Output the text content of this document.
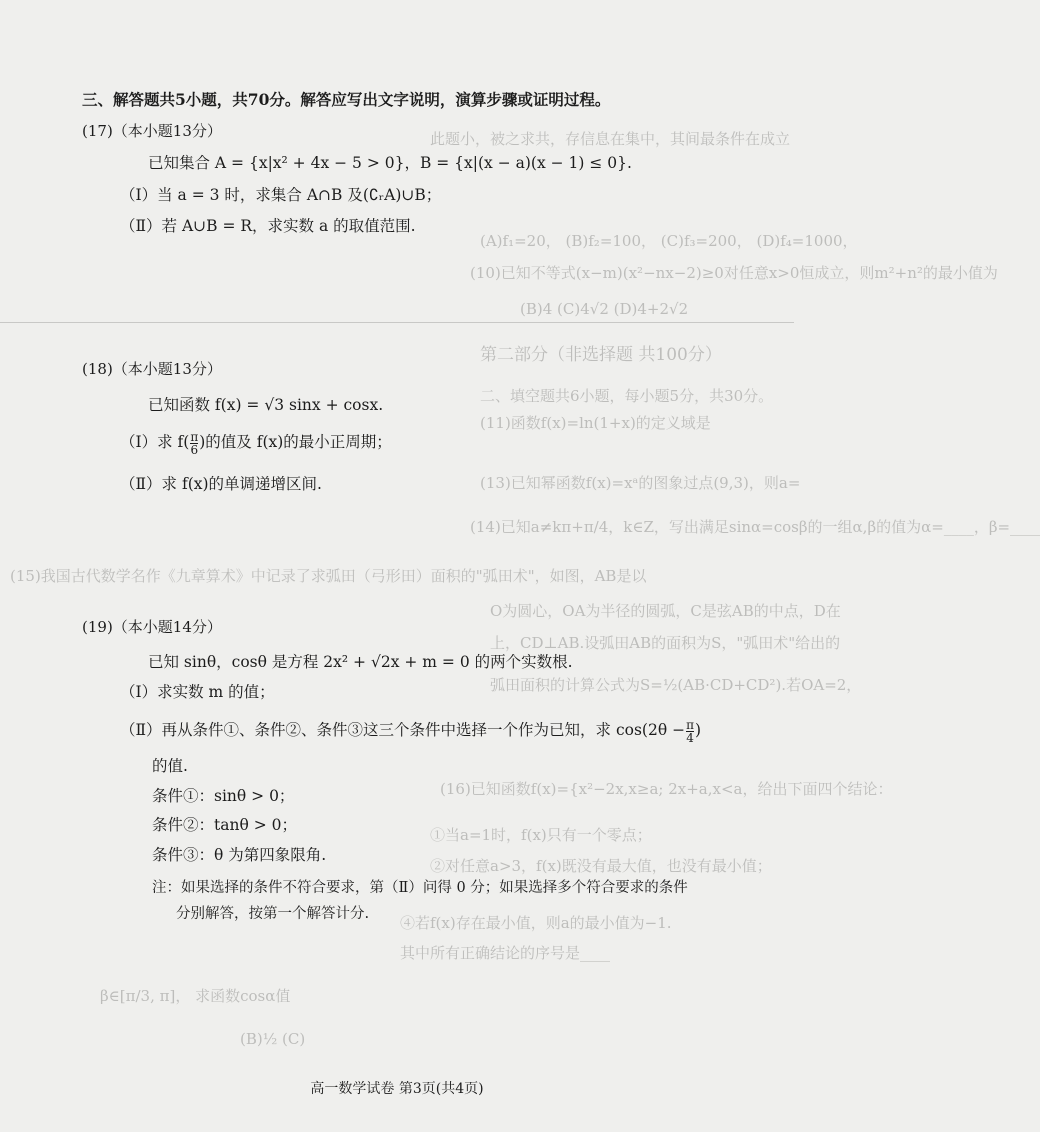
此题小，被之求共，存信息在集中，其间最条件在成立
(A)f₁=20， (B)f₂=100， (C)f₃=200， (D)f₄=1000，
(10)已知不等式(x−m)(x²−nx−2)≥0对任意x>0恒成立，则m²+n²的最小值为
(B)4 (C)4√2 (D)4+2√2
第二部分（非选择题 共100分）
二、填空题共6小题，每小题5分，共30分。
(11)函数f(x)=ln(1+x)的定义域是
(13)已知幂函数f(x)=xᵃ的图象过点(9,3)，则a=
(14)已知a≠kπ+π/4，k∈Z，写出满足sinα=cosβ的一组α,β的值为α=____，β=____
(15)我国古代数学名作《九章算术》中记录了求弧田（弓形田）面积的"弧田术"，如图，AB是以
O为圆心，OA为半径的圆弧，C是弦AB的中点，D在
上，CD⊥AB.设弧田AB的面积为S，"弧田术"给出的
弧田面积的计算公式为S=½(AB·CD+CD²).若OA=2，
(16)已知函数f(x)={x²−2x,x≥a; 2x+a,x<a，给出下面四个结论：
①当a=1时，f(x)只有一个零点；
②对任意a>3，f(x)既没有最大值，也没有最小值；
④若f(x)存在最小值，则a的最小值为−1.
其中所有正确结论的序号是____
β∈[π/3, π]， 求函数cosα值
(B)½ (C)
三、解答题共5小题，共70分。解答应写出文字说明，演算步骤或证明过程。
(17)（本小题13分）
已知集合 A = {x|x² + 4x − 5 > 0}，B = {x|(x − a)(x − 1) ≤ 0}.
（Ⅰ）当 a = 3 时，求集合 A∩B 及(∁ᵣA)∪B；
（Ⅱ）若 A∪B = R，求实数 a 的取值范围.
(18)（本小题13分）
已知函数 f(x) = √3 sinx + cosx.
（Ⅰ）求 $f( \frac{\pi}{6}$ )的值及 f(x)的最小正周期；
（Ⅱ）求 f(x)的单调递增区间.
(19)（本小题14分）
已知 sinθ，cosθ 是方程 2x² + √2x + m = 0 的两个实数根.
（Ⅰ）求实数 m 的值；
（Ⅱ）再从条件①、条件②、条件③这三个条件中选择一个作为已知，求 $\cos(2\theta - \frac{\pi}{4}$ )
的值.
条件①：sinθ > 0；
条件②：tanθ > 0；
条件③：θ 为第四象限角.
注：如果选择的条件不符合要求，第（Ⅱ）问得 0 分；如果选择多个符合要求的条件
分别解答，按第一个解答计分.
高一数学试卷 第3页(共4页)
